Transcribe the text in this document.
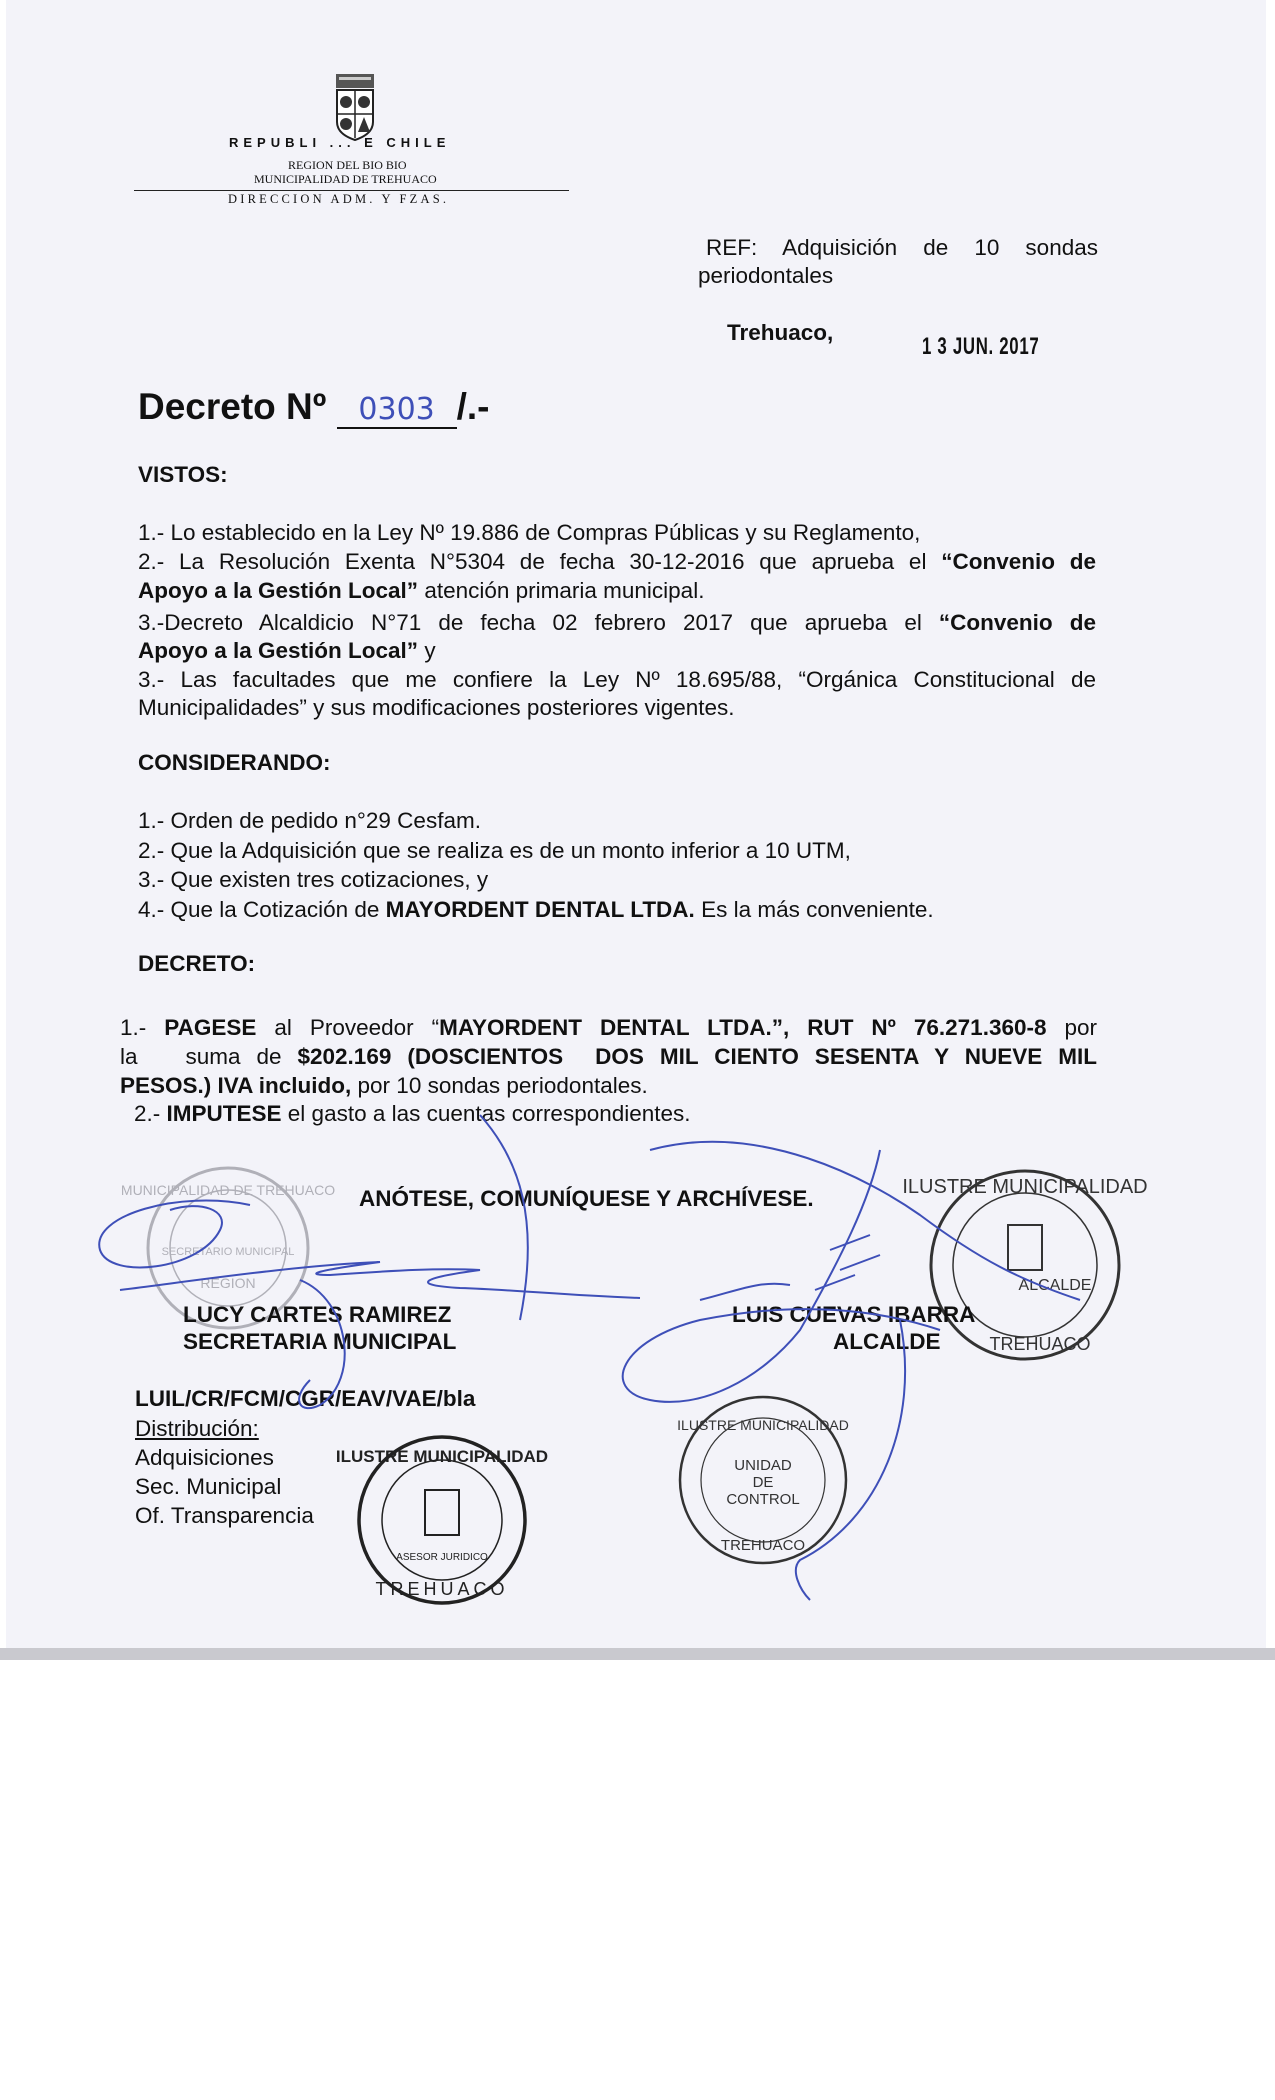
REPUBLI ... E CHILE
REGION DEL BIO BIO
MUNICIPALIDAD DE TREHUACO
DIRECCION ADM. Y FZAS.
REF: Adquisición de 10 sondas
periodontales
Trehuaco,
1 3 JUN. 2017
Decreto Nº 0303 /.-
VISTOS:
1.- Lo establecido en la Ley Nº 19.886 de Compras Públicas y su Reglamento,
2.- La Resolución Exenta N°5304 de fecha 30-12-2016 que aprueba el “Convenio de
Apoyo a la Gestión Local” atención primaria municipal.
3.-Decreto Alcaldicio N°71 de fecha 02 febrero 2017 que aprueba el “Convenio de
Apoyo a la Gestión Local” y
3.- Las facultades que me confiere la Ley Nº 18.695/88, “Orgánica Constitucional de
Municipalidades” y sus modificaciones posteriores vigentes.
CONSIDERANDO:
1.- Orden de pedido n°29 Cesfam.
2.- Que la Adquisición que se realiza es de un monto inferior a 10 UTM,
3.- Que existen tres cotizaciones, y
4.- Que la Cotización de MAYORDENT DENTAL LTDA. Es la más conveniente.
DECRETO:
1.- PAGESE al Proveedor “MAYORDENT DENTAL LTDA.”, RUT Nº 76.271.360-8 por
la   suma de $202.169 (DOSCIENTOS  DOS MIL CIENTO SESENTA Y NUEVE MIL
PESOS.) IVA incluido, por 10 sondas periodontales.
2.- IMPUTESE el gasto a las cuentas correspondientes.
MUNICIPALIDAD DE TREHUACO
SECRETARIO MUNICIPAL
REGION
ILUSTRE MUNICIPALIDAD
ALCALDE
TREHUACO
ILUSTRE MUNICIPALIDAD
ASESOR JURIDICO
TREHUACO
ILUSTRE MUNICIPALIDAD
UNIDAD
DE
CONTROL
TREHUACO
ANÓTESE, COMUNÍQUESE Y ARCHÍVESE.
LUCY CARTES RAMIREZ
SECRETARIA MUNICIPAL
LUIS CUEVAS IBARRA
ALCALDE
LUIL/CR/FCM/CGR/EAV/VAE/bla
Distribución:
Adquisiciones
Sec. Municipal
Of. Transparencia
